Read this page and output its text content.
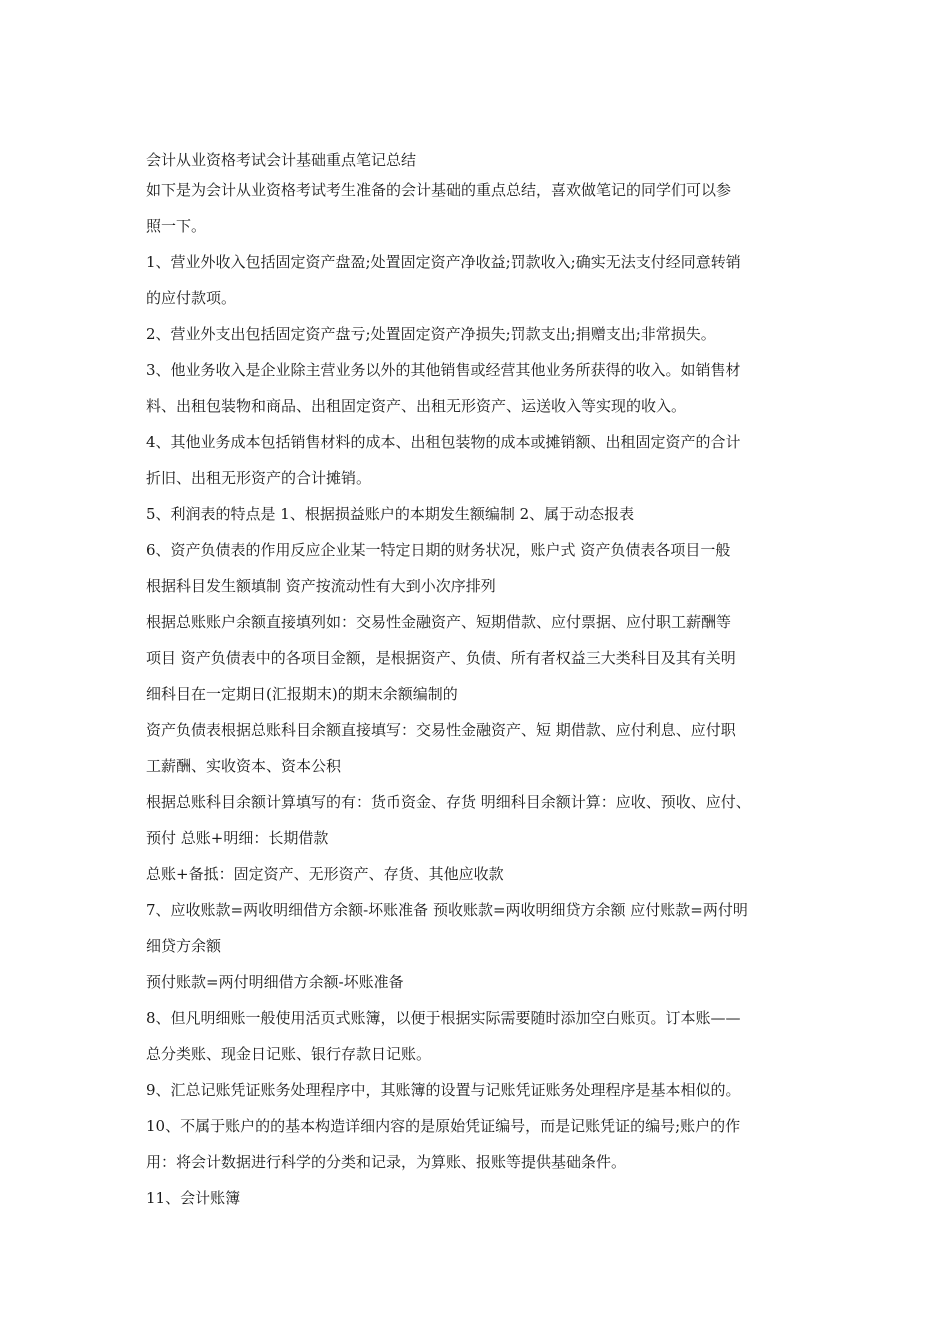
会计从业资格考试会计基础重点笔记总结

如下是为会计从业资格考试考生准备的会计基础的重点总结，喜欢做笔记的同学们可以参
照一下。

1、营业外收入包括固定资产盘盈;处置固定资产净收益;罚款收入;确实无法支付经同意转销
的应付款项。

2、营业外支出包括固定资产盘亏;处置固定资产净损失;罚款支出;捐赠支出;非常损失。

3、他业务收入是企业除主营业务以外的其他销售或经营其他业务所获得的收入。如销售材
料、出租包装物和商品、出租固定资产、出租无形资产、运送收入等实现的收入。

4、其他业务成本包括销售材料的成本、出租包装物的成本或摊销额、出租固定资产的合计
折旧、出租无形资产的合计摊销。

5、利润表的特点是 1、根据损益账户的本期发生额编制 2、属于动态报表

6、资产负债表的作用反应企业某一特定日期的财务状况，账户式 资产负债表各项目一般
根据科目发生额填制 资产按流动性有大到小次序排列

根据总账账户余额直接填列如：交易性金融资产、短期借款、应付票据、应付职工薪酬等
项目 资产负债表中的各项目金额，是根据资产、负债、所有者权益三大类科目及其有关明
细科目在一定期日(汇报期末)的期末余额编制的

资产负债表根据总账科目余额直接填写：交易性金融资产、短 期借款、应付利息、应付职
工薪酬、实收资本、资本公积

根据总账科目余额计算填写的有：货币资金、存货 明细科目余额计算：应收、预收、应付、
预付 总账+明细：长期借款

总账+备抵：固定资产、无形资产、存货、其他应收款

7、应收账款=两收明细借方余额-坏账准备 预收账款=两收明细贷方余额 应付账款=两付明
细贷方余额

预付账款=两付明细借方余额-坏账准备

8、但凡明细账一般使用活页式账簿，以便于根据实际需要随时添加空白账页。订本账——
总分类账、现金日记账、银行存款日记账。

9、汇总记账凭证账务处理程序中，其账簿的设置与记账凭证账务处理程序是基本相似的。

10、不属于账户的的基本构造详细内容的是原始凭证编号，而是记账凭证的编号;账户的作
用：将会计数据进行科学的分类和记录，为算账、报账等提供基础条件。

11、会计账簿
